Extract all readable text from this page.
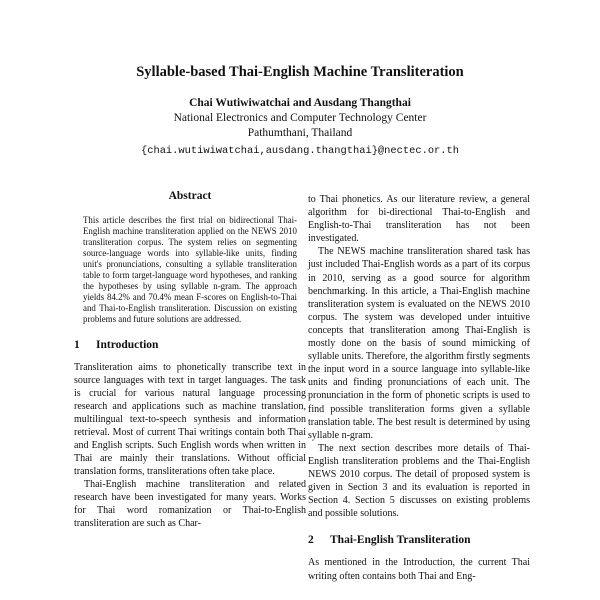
Syllable-based Thai-English Machine Transliteration
Chai Wutiwiwatchai and Ausdang Thangthai
National Electronics and Computer Technology Center
Pathumthani, Thailand
{chai.wutiwiwatchai,ausdang.thangthai}@nectec.or.th
Abstract

This article describes the first trial on bidirectional Thai-English machine transliteration applied on the NEWS 2010 transliteration corpus. The system relies on segmenting source-language words into syllable-like units, finding unit's pronunciations, consulting a syllable transliteration table to form target-language word hypotheses, and ranking the hypotheses by using syllable n-gram. The approach yields 84.2% and 70.4% mean F-scores on English-to-Thai and Thai-to-English transliteration. Discussion on existing problems and future solutions are addressed.

1 Introduction

Transliteration aims to phonetically transcribe text in source languages with text in target languages. The task is crucial for various natural language processing research and applications such as machine translation, multilingual text-to-speech synthesis and information retrieval. Most of current Thai writings contain both Thai and English scripts. Such English words when written in Thai are mainly their translations. Without official translation forms, transliterations often take place.

Thai-English machine transliteration and related research have been investigated for many years. Works for Thai word romanization or Thai-to-English transliteration are such as Char-

to Thai phonetics. As our literature review, a general algorithm for bi-directional Thai-to-English and English-to-Thai transliteration has not been investigated.

The NEWS machine transliteration shared task has just included Thai-English words as a part of its corpus in 2010, serving as a good source for algorithm benchmarking. In this article, a Thai-English machine transliteration system is evaluated on the NEWS 2010 corpus. The system was developed under intuitive concepts that transliteration among Thai-English is mostly done on the basis of sound mimicking of syllable units. Therefore, the algorithm firstly segments the input word in a source language into syllable-like units and finding pronunciations of each unit. The pronunciation in the form of phonetic scripts is used to find possible transliteration forms given a syllable translation table. The best result is determined by using syllable n-gram.

The next section describes more details of Thai-English transliteration problems and the Thai-English NEWS 2010 corpus. The detail of proposed system is given in Section 3 and its evaluation is reported in Section 4. Section 5 discusses on existing problems and possible solutions.

2 Thai-English Transliteration

As mentioned in the Introduction, the current Thai writing often contains both Thai and Eng-
